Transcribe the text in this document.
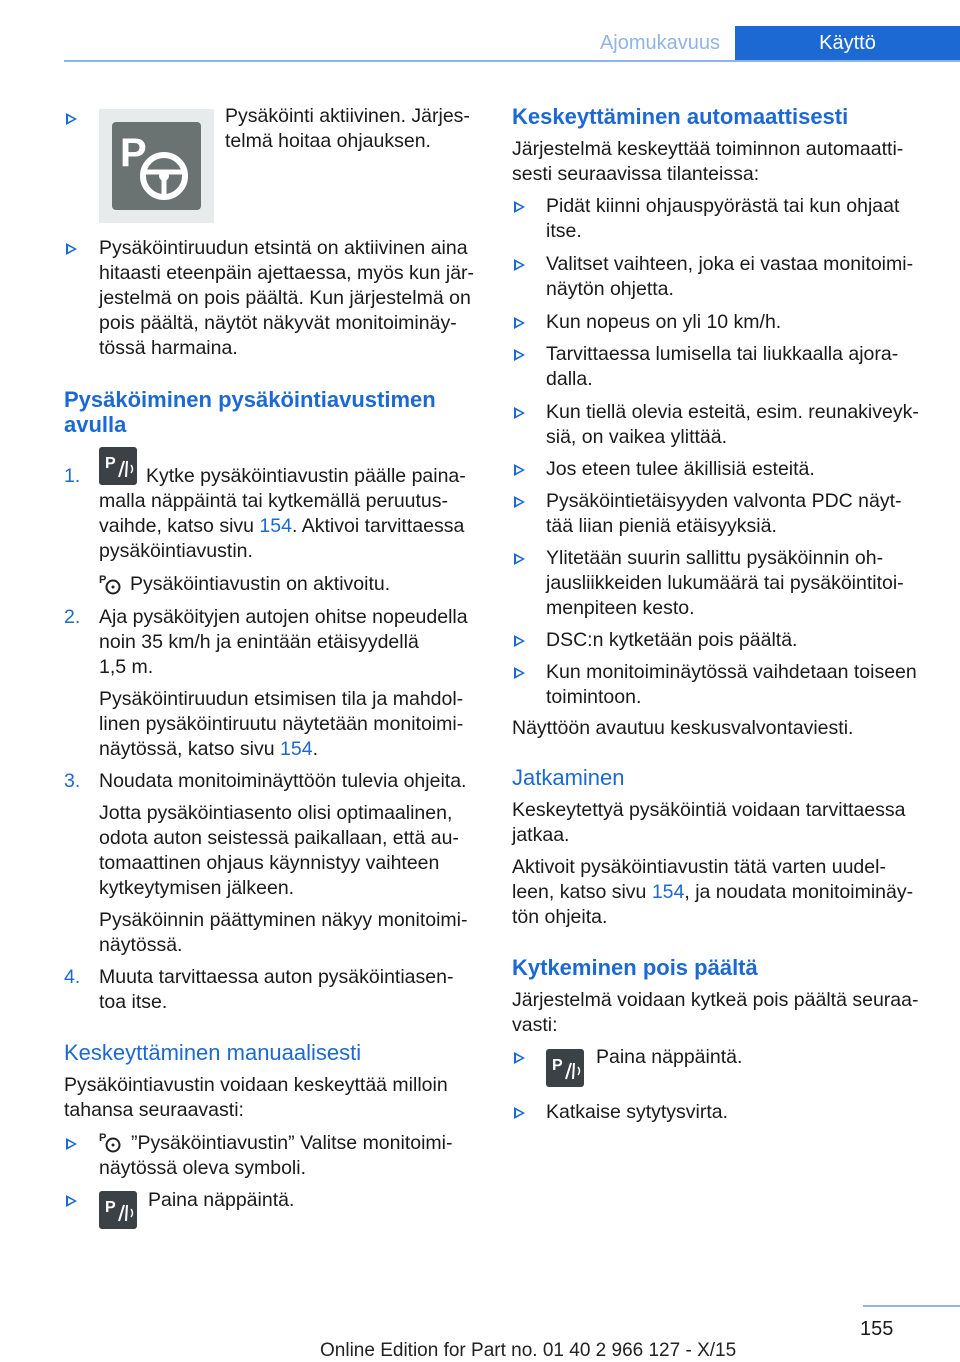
Ajomukavuus	Käyttö
P
Pysäköinti aktiivinen. Järjes-
telmä hoitaa ohjauksen.
Pysäköintiruudun etsintä on aktiivinen aina
hitaasti eteenpäin ajettaessa, myös kun jär-
jestelmä on pois päältä. Kun järjestelmä on
pois päältä, näytöt näkyvät monitoiminäy-
tössä harmaina.
Pysäköiminen pysäköintiavustimen
avulla
1.
P
Kytke pysäköintiavustin päälle paina-
malla näppäintä tai kytkemällä peruutus-
vaihde, katso sivu 154. Aktivoi tarvittaessa
pysäköintiavustin.
P Pysäköintiavustin on aktivoitu.
2. Aja pysäköityjen autojen ohitse nopeudella
noin 35 km/h ja enintään etäisyydellä
1,5 m.
Pysäköintiruudun etsimisen tila ja mahdol-
linen pysäköintiruutu näytetään monitoimi-
näytössä, katso sivu 154.
3. Noudata monitoiminäyttöön tulevia ohjeita.
Jotta pysäköintiasento olisi optimaalinen,
odota auton seistessä paikallaan, että au-
tomaattinen ohjaus käynnistyy vaihteen
kytkeytymisen jälkeen.
Pysäköinnin päättyminen näkyy monitoimi-
näytössä.
4. Muuta tarvittaessa auton pysäköintiasen-
toa itse.
Keskeyttäminen manuaalisesti
Pysäköintiavustin voidaan keskeyttää milloin
tahansa seuraavasti:
P ”Pysäköintiavustin” Valitse monitoimi-
näytössä oleva symboli.
P Paina näppäintä.
Keskeyttäminen automaattisesti
Järjestelmä keskeyttää toiminnon automaatti-
sesti seuraavissa tilanteissa:
Pidät kiinni ohjauspyörästä tai kun ohjaat
itse.
Valitset vaihteen, joka ei vastaa monitoimi-
näytön ohjetta.
Kun nopeus on yli 10 km/h.
Tarvittaessa lumisella tai liukkaalla ajora-
dalla.
Kun tiellä olevia esteitä, esim. reunakiveyk-
siä, on vaikea ylittää.
Jos eteen tulee äkillisiä esteitä.
Pysäköintietäisyyden valvonta PDC näyt-
tää liian pieniä etäisyyksiä.
Ylitetään suurin sallittu pysäköinnin oh-
jausliikkeiden lukumäärä tai pysäköintitoi-
menpiteen kesto.
DSC:n kytketään pois päältä.
Kun monitoiminäytössä vaihdetaan toiseen
toimintoon.
Näyttöön avautuu keskusvalvontaviesti.
Jatkaminen
Keskeytettyä pysäköintiä voidaan tarvittaessa
jatkaa.
Aktivoit pysäköintiavustin tätä varten uudel-
leen, katso sivu 154, ja noudata monitoiminäy-
tön ohjeita.
Kytkeminen pois päältä
Järjestelmä voidaan kytkeä pois päältä seuraa-
vasti:
P Paina näppäintä.
Katkaise sytytysvirta.
155
Online Edition for Part no. 01 40 2 966 127 - X/15
